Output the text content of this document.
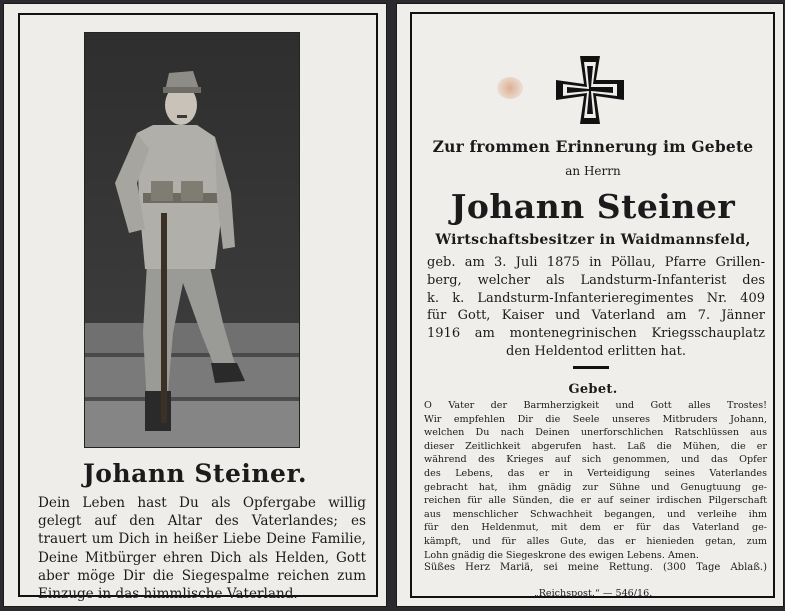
Johann Steiner.
Dein Leben hast Du als Opfergabe willig
gelegt auf den Altar des Vaterlandes; es
trauert um Dich in heißer Liebe Deine Familie,
Deine Mitbürger ehren Dich als Helden, Gott
aber möge Dir die Siegespalme reichen zum
Einzuge in das himmlische Vaterland.
Zur frommen Erinnerung im Gebete
an Herrn
Johann Steiner
Wirtschaftsbesitzer in Waidmannsfeld,
geb. am 3. Juli 1875 in Pöllau, Pfarre Grillen-
berg, welcher als Landsturm-Infanterist des
k. k. Landsturm-Infanterieregimentes Nr. 409
für Gott, Kaiser und Vaterland am 7. Jänner
1916 am montenegrinischen Kriegsschauplatz
den Heldentod erlitten hat.
Gebet.
O Vater der Barmherzigkeit und Gott alles Trostes!
Wir empfehlen Dir die Seele unseres Mitbruders Johann,
welchen Du nach Deinen unerforschlichen Ratschlüssen aus
dieser Zeitlichkeit abgerufen hast. Laß die Mühen, die er
während des Krieges auf sich genommen, und das Opfer
des Lebens, das er in Verteidigung seines Vaterlandes
gebracht hat, ihm gnädig zur Sühne und Genugtuung ge-
reichen für alle Sünden, die er auf seiner irdischen Pilgerschaft
aus menschlicher Schwachheit begangen, und verleihe ihm
für den Heldenmut, mit dem er für das Vaterland ge-
kämpft, und für alles Gute, das er hienieden getan, zum
Lohn gnädig die Siegeskrone des ewigen Lebens. Amen.
Süßes Herz Mariä, sei meine Rettung. (300 Tage Ablaß.)
„Reichspost.“ — 546/16.
